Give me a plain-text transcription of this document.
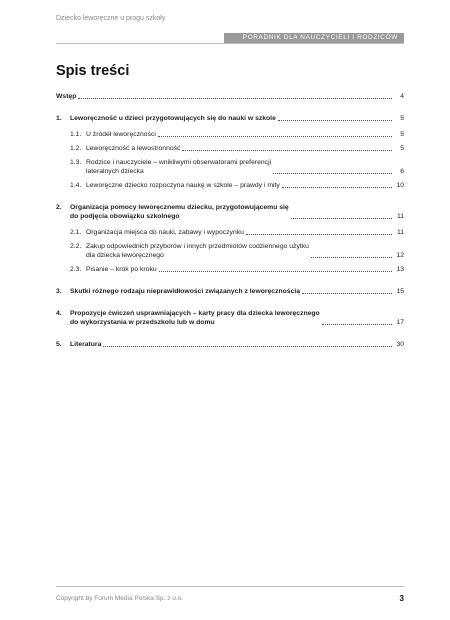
Dziecko leworęczne u progu szkoły
PORADNIK DLA NAUCZYCIELI I RODZICÓW
Spis treści
Wstęp	4
1.	Leworęczność u dzieci przygotowujących się do nauki w szkole	5
1.1. U źródeł leworęczności	5
1.2. Leworęczność a lewostronność	5
1.3. Rodzice i nauczyciele – wnikliwymi obserwatorami preferencji
lateralnych dziecka	6
1.4. Leworęczne dziecko rozpoczyna naukę w szkole – prawdy i mity	10
2.	Organizacja pomocy leworęcznemu dziecku, przygotowującemu się
do podjęcia obowiązku szkolnego	11
2.1. Organizacja miejsca do nauki, zabawy i wypoczynku	11
2.2. Zakup odpowiednich przyborów i innych przedmiotów codziennego użytku
dla dziecka leworęcznego	12
2.3. Pisanie – krok po kroku	13
3.	Skutki różnego rodzaju nieprawidłowości związanych z leworęcznością	15
4.	Propozycje ćwiczeń usprawniających – karty pracy dla dziecka leworęcznego
do wykorzystania w przedszkolu lub w domu	17
5.	Literatura	30
Copyright by Forum Media Polska Sp. z o.o.	3
